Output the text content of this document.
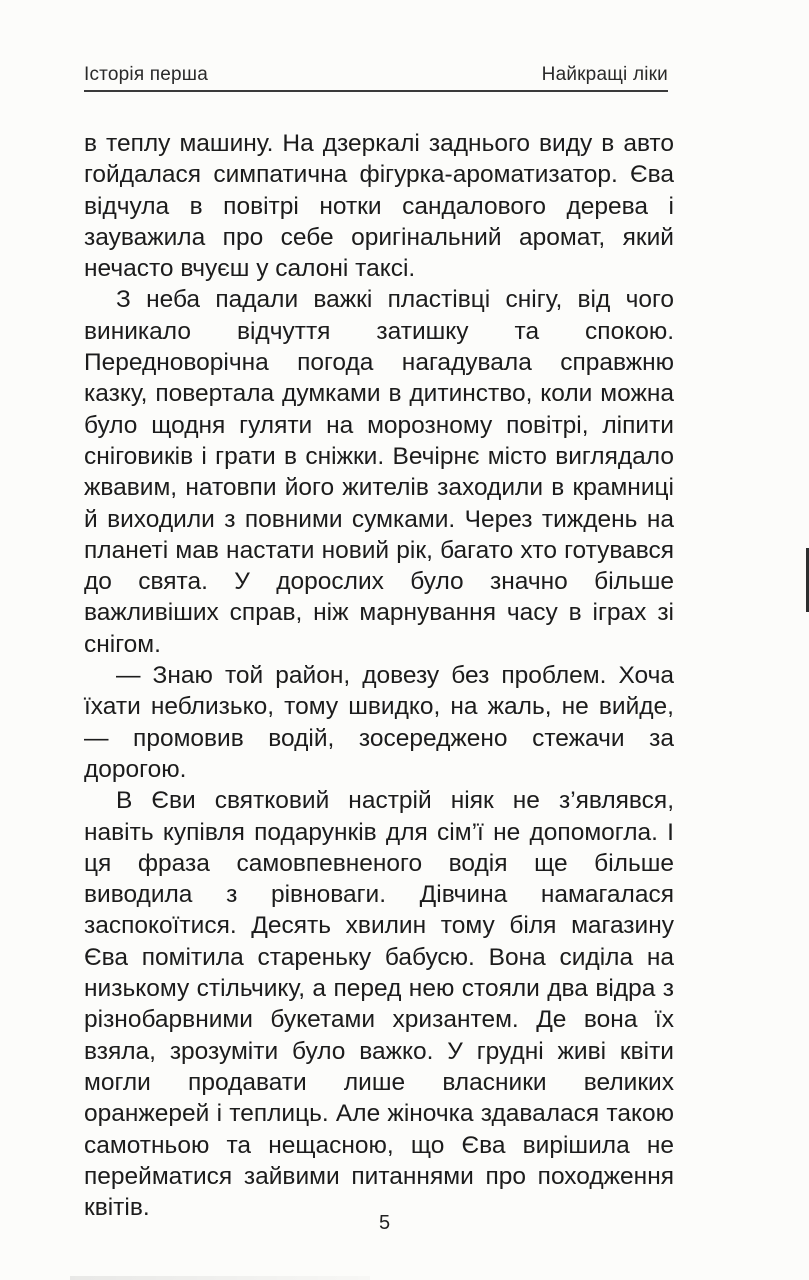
Історія перша	Найкращі ліки

в теплу машину. На дзеркалі заднього виду в авто гойдалася симпатична фігурка-ароматизатор. Єва відчула в повітрі нотки сандалового дерева і зауважила про себе оригінальний аромат, який нечасто вчуєш у салоні таксі.

З неба падали важкі пластівці снігу, від чого виникало відчуття затишку та спокою. Передноворічна погода нагадувала справжню казку, повертала думками в дитинство, коли можна було щодня гуляти на морозному повітрі, ліпити сніговиків і грати в сніжки. Вечірнє місто виглядало жвавим, натовпи його жителів заходили в крамниці й виходили з повними сумками. Через тиждень на планеті мав настати новий рік, багато хто готувався до свята. У дорослих було значно більше важливіших справ, ніж марнування часу в іграх зі снігом.

— Знаю той район, довезу без проблем. Хоча їхати неблизько, тому швидко, на жаль, не вийде, — промовив водій, зосереджено стежачи за дорогою.

В Єви святковий настрій ніяк не з’являвся, навіть купівля подарунків для сім’ї не допомогла. І ця фраза самовпевненого водія ще більше виводила з рівноваги. Дівчина намагалася заспокоїтися. Десять хвилин тому біля магазину Єва помітила стареньку бабусю. Вона сиділа на низькому стільчику, а перед нею стояли два відра з різнобарвними букетами хризантем. Де вона їх взяла, зрозуміти було важко. У грудні живі квіти могли продавати лише власники великих оранжерей і теплиць. Але жіночка здавалася такою самотньою та нещасною, що Єва вирішила не перейматися зайвими питаннями про походження квітів.

5
